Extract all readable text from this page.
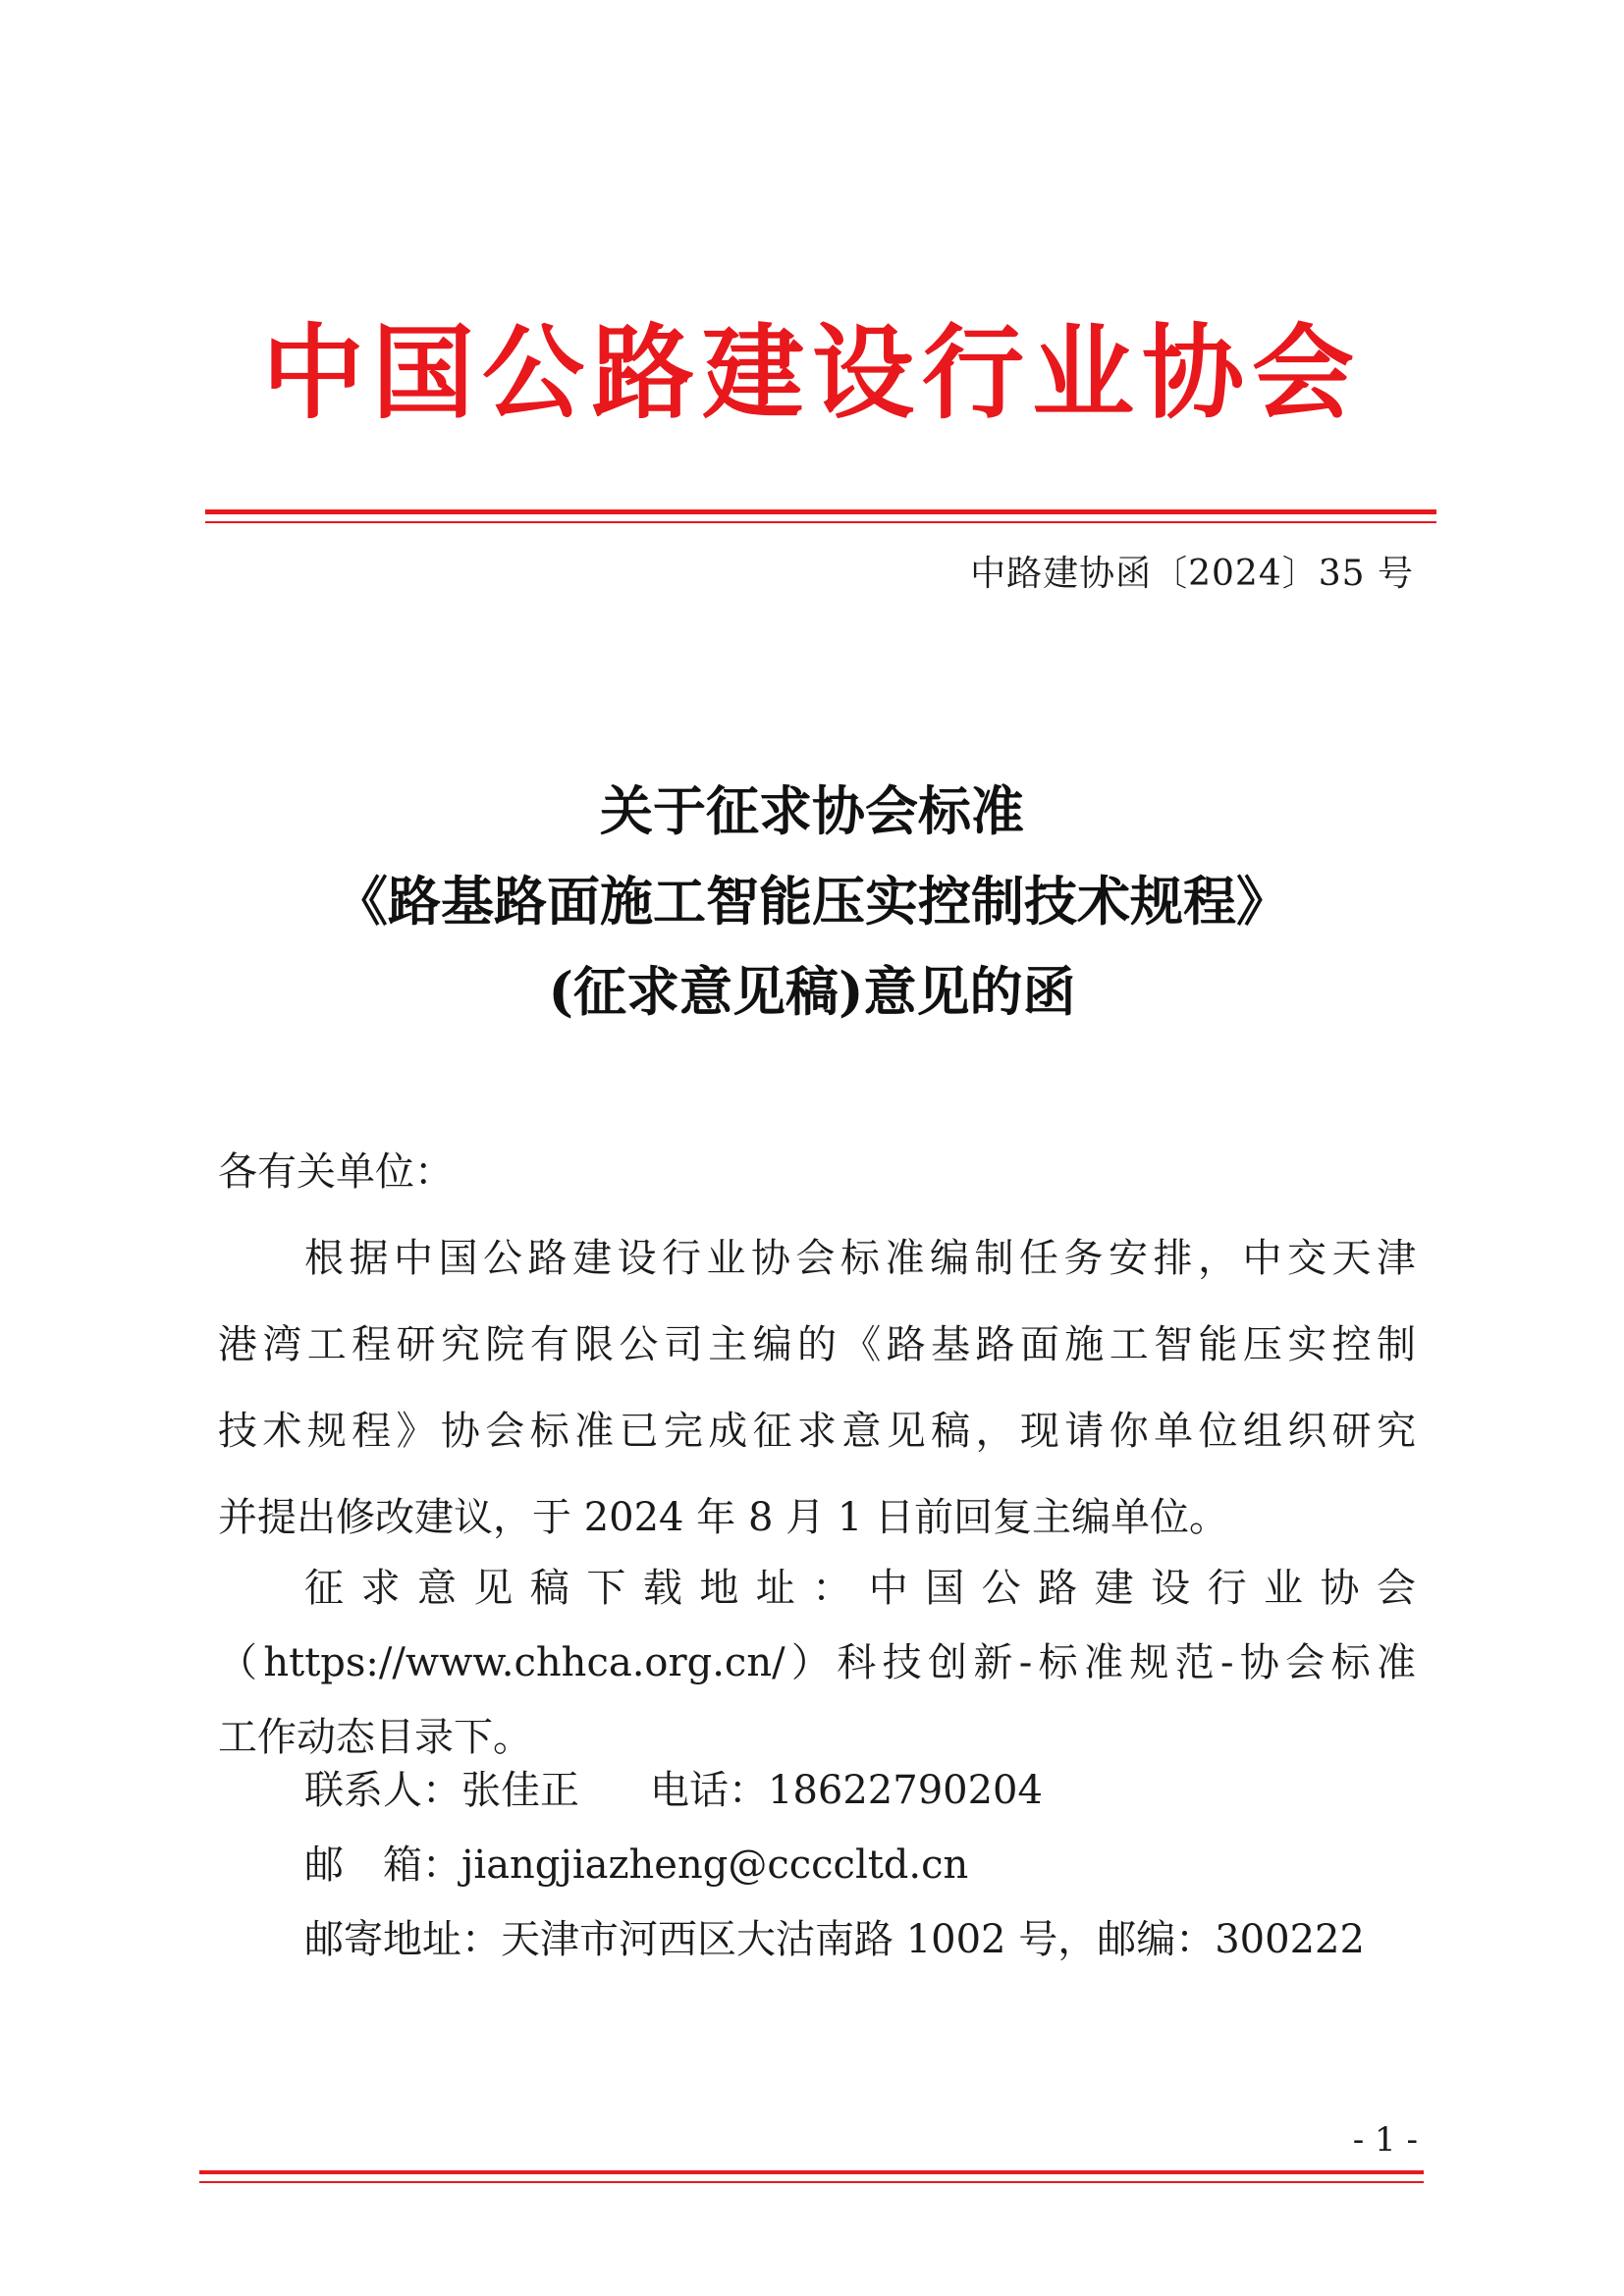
中国公路建设行业协会
中路建协函〔2024〕35 号
关于征求协会标准
《路基路面施工智能压实控制技术规程》
(征求意见稿)意见的函
各有关单位：
根据中国公路建设行业协会标准编制任务安排，中交天津
港湾工程研究院有限公司主编的《路基路面施工智能压实控制
技术规程》协会标准已完成征求意见稿，现请你单位组织研究
并提出修改建议，于 2024 年 8 月 1 日前回复主编单位。
征求意见稿下载地址：中国公路建设行业协会
（https://www.chhca.org.cn/）科技创新-标准规范-协会标准
工作动态目录下。
联系人：张佳正 电话：18622790204
邮　箱：jiangjiazheng@ccccltd.cn
邮寄地址：天津市河西区大沽南路 1002 号，邮编：300222
- 1 -
